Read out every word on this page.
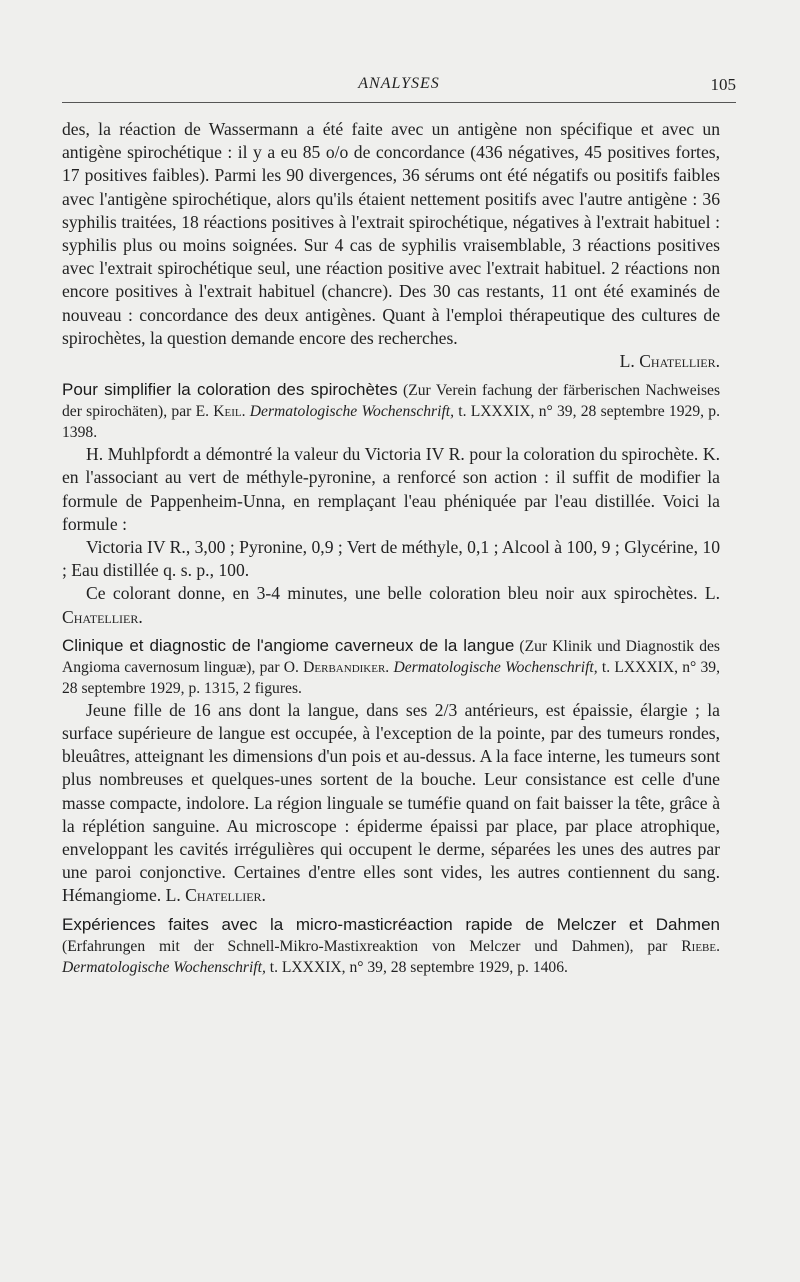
ANALYSES	105

des, la réaction de Wassermann a été faite avec un antigène non spécifique et avec un antigène spirochétique : il y a eu 85 o/o de concordance (436 négatives, 45 positives fortes, 17 positives faibles). Parmi les 90 divergences, 36 sérums ont été négatifs ou positifs faibles avec l'antigène spirochétique, alors qu'ils étaient nettement positifs avec l'autre antigène : 36 syphilis traitées, 18 réactions positives à l'extrait spirochétique, négatives à l'extrait habituel : syphilis plus ou moins soignées. Sur 4 cas de syphilis vraisemblable, 3 réactions positives avec l'extrait spirochétique seul, une réaction positive avec l'extrait habituel. 2 réactions non encore positives à l'extrait habituel (chancre). Des 30 cas restants, 11 ont été examinés de nouveau : concordance des deux antigènes. Quant à l'emploi thérapeutique des cultures de spirochètes, la question demande encore des recherches.
L. Chatellier.

Pour simplifier la coloration des spirochètes (Zur Verein fachung der färberischen Nachweises der spirochäten), par E. Keil. Dermatologische Wochenschrift, t. LXXXIX, n° 39, 28 septembre 1929, p. 1398.

H. Muhlpfordt a démontré la valeur du Victoria IV R. pour la coloration du spirochète. K. en l'associant au vert de méthyle-pyronine, a renforcé son action : il suffit de modifier la formule de Pappenheim-Unna, en remplaçant l'eau phéniquée par l'eau distillée. Voici la formule :

Victoria IV R., 3,00 ; Pyronine, 0,9 ; Vert de méthyle, 0,1 ; Alcool à 100, 9 ; Glycérine, 10 ; Eau distillée q. s. p., 100.

Ce colorant donne, en 3-4 minutes, une belle coloration bleu noir aux spirochètes. L. Chatellier.

Clinique et diagnostic de l'angiome caverneux de la langue (Zur Klinik und Diagnostik des Angioma cavernosum linguæ), par O. Derbandiker. Dermatologische Wochenschrift, t. LXXXIX, n° 39, 28 septembre 1929, p. 1315, 2 figures.

Jeune fille de 16 ans dont la langue, dans ses 2/3 antérieurs, est épaissie, élargie ; la surface supérieure de langue est occupée, à l'exception de la pointe, par des tumeurs rondes, bleuâtres, atteignant les dimensions d'un pois et au-dessus. A la face interne, les tumeurs sont plus nombreuses et quelques-unes sortent de la bouche. Leur consistance est celle d'une masse compacte, indolore. La région linguale se tuméfie quand on fait baisser la tête, grâce à la réplétion sanguine. Au microscope : épiderme épaissi par place, par place atrophique, enveloppant les cavités irrégulières qui occupent le derme, séparées les unes des autres par une paroi conjonctive. Certaines d'entre elles sont vides, les autres contiennent du sang. Hémangiome. L. Chatellier.

Expériences faites avec la micro-masticréaction rapide de Melczer et Dahmen (Erfahrungen mit der Schnell-Mikro-Mastixreaktion von Melczer und Dahmen), par Riebe. Dermatologische Wochenschrift, t. LXXXIX, n° 39, 28 septembre 1929, p. 1406.
